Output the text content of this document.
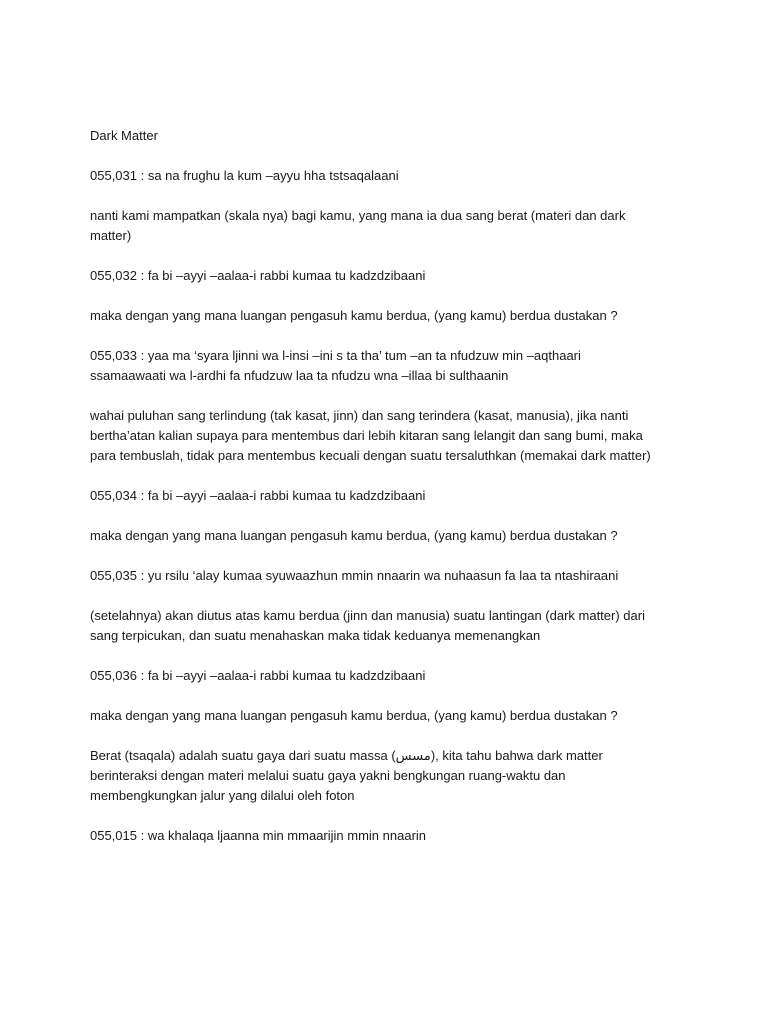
Dark Matter

055,031 : sa na frughu la kum –ayyu hha tstsaqalaani

nanti kami mampatkan (skala nya) bagi kamu, yang mana ia dua sang berat (materi dan dark matter)

055,032 : fa bi –ayyi –aalaa-i rabbi kumaa tu kadzdzibaani

maka dengan yang mana luangan pengasuh kamu berdua, (yang kamu) berdua dustakan ?

055,033 : yaa ma ‘syara ljinni wa l-insi –ini s ta tha’ tum –an ta nfudzuw min –aqthaari ssamaawaati wa l-ardhi fa nfudzuw laa ta nfudzu wna –illaa bi sulthaanin

wahai puluhan sang terlindung (tak kasat, jinn) dan sang terindera (kasat, manusia), jika nanti bertha’atan kalian supaya para mentembus dari lebih kitaran sang lelangit dan sang bumi, maka para tembuslah, tidak para mentembus kecuali dengan suatu tersaluthkan (memakai dark matter)

055,034 : fa bi –ayyi –aalaa-i rabbi kumaa tu kadzdzibaani

maka dengan yang mana luangan pengasuh kamu berdua, (yang kamu) berdua dustakan ?

055,035 : yu rsilu ‘alay kumaa syuwaazhun mmin nnaarin wa nuhaasun fa laa ta ntashiraani

(setelahnya) akan diutus atas kamu berdua (jinn dan manusia) suatu lantingan (dark matter) dari sang terpicukan, dan suatu menahaskan maka tidak keduanya memenangkan

055,036 : fa bi –ayyi –aalaa-i rabbi kumaa tu kadzdzibaani

maka dengan yang mana luangan pengasuh kamu berdua, (yang kamu) berdua dustakan ?

Berat (tsaqala) adalah suatu gaya dari suatu massa (مسس), kita tahu bahwa dark matter berinteraksi dengan materi melalui suatu gaya yakni bengkungan ruang-waktu dan membengkungkan jalur yang dilalui oleh foton

055,015 : wa khalaqa ljaanna min mmaarijin mmin nnaarin
